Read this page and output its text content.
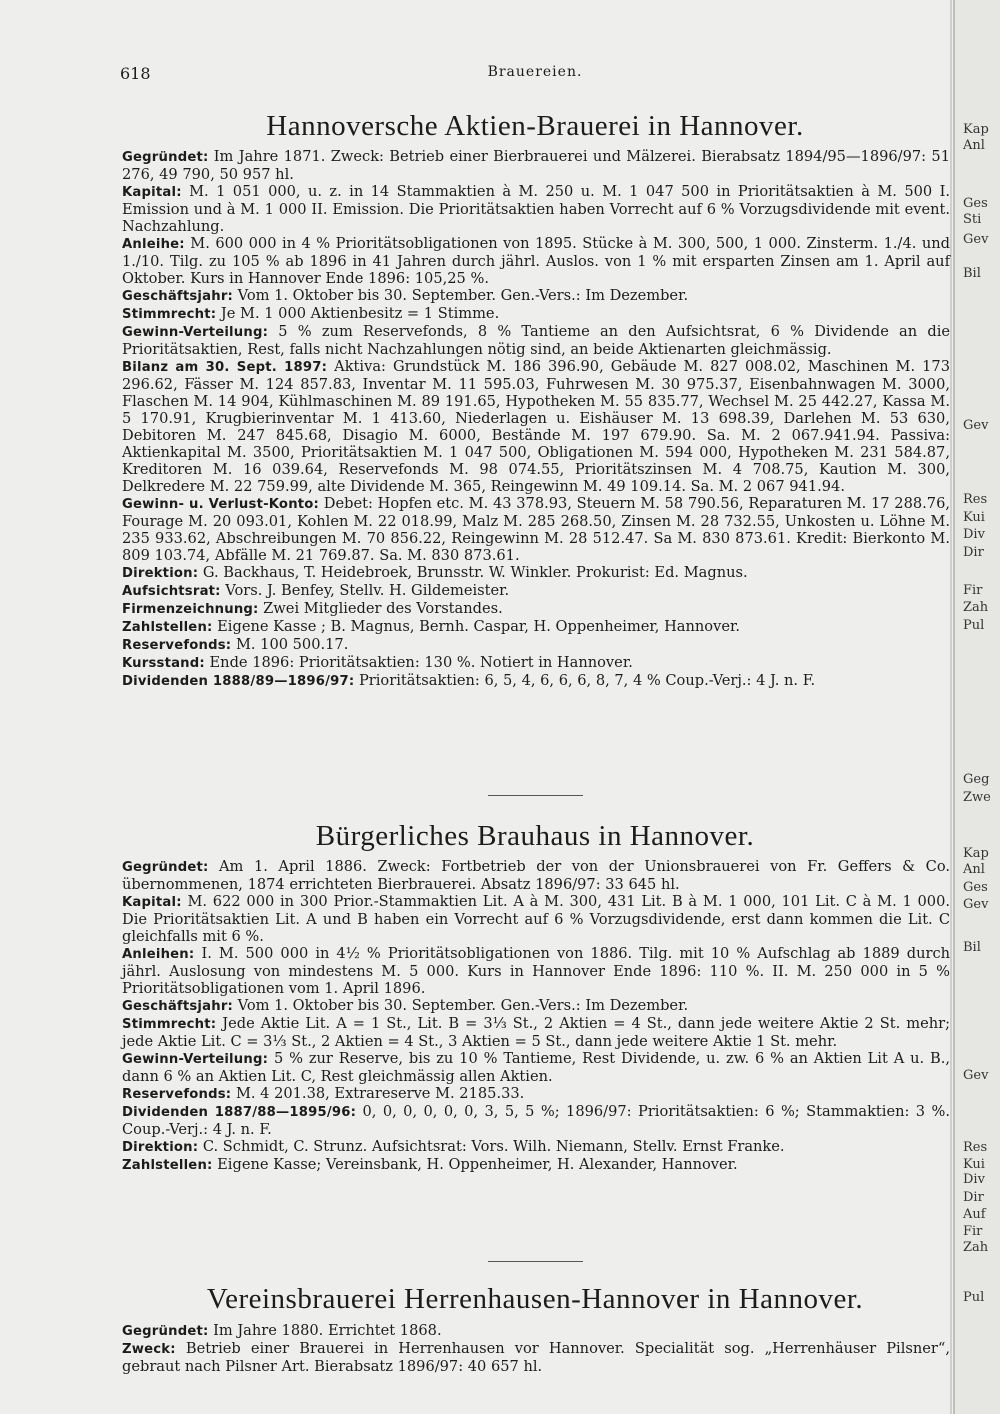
Kap
Anl
Ges
Sti
Gev
Bil
Gev
Res
Kui
Div
Dir
Fir
Zah
Pul
Geg
Zwe
Kap
Anl
Ges
Gev
Bil
Gev
Res
Kui
Div
Dir
Auf
Fir
Zah
Pul
618	Brauereien.
Hannoversche Aktien-Brauerei in Hannover.

Gegründet: Im Jahre 1871. Zweck: Betrieb einer Bierbrauerei und Mälzerei. Bierabsatz 1894/95—1896/97: 51 276, 49 790, 50 957 hl.

Kapital: M. 1 051 000, u. z. in 14 Stammaktien à M. 250 u. M. 1 047 500 in Prioritätsaktien à M. 500 I. Emission und à M. 1 000 II. Emission. Die Prioritätsaktien haben Vorrecht auf 6 % Vorzugsdividende mit event. Nachzahlung.

Anleihe: M. 600 000 in 4 % Prioritätsobligationen von 1895. Stücke à M. 300, 500, 1 000. Zinsterm. 1./4. und 1./10. Tilg. zu 105 % ab 1896 in 41 Jahren durch jährl. Auslos. von 1 % mit ersparten Zinsen am 1. April auf Oktober. Kurs in Hannover Ende 1896: 105,25 %.

Geschäftsjahr: Vom 1. Oktober bis 30. September. Gen.-Vers.: Im Dezember.

Stimmrecht: Je M. 1 000 Aktienbesitz = 1 Stimme.

Gewinn-Verteilung: 5 % zum Reservefonds, 8 % Tantieme an den Aufsichtsrat, 6 % Dividende an die Prioritätsaktien, Rest, falls nicht Nachzahlungen nötig sind, an beide Aktienarten gleichmässig.

Bilanz am 30. Sept. 1897: Aktiva: Grundstück M. 186 396.90, Gebäude M. 827 008.02, Maschinen M. 173 296.62, Fässer M. 124 857.83, Inventar M. 11 595.03, Fuhrwesen M. 30 975.37, Eisenbahnwagen M. 3000, Flaschen M. 14 904, Kühlmaschinen M. 89 191.65, Hypotheken M. 55 835.77, Wechsel M. 25 442.27, Kassa M. 5 170.91, Krugbierinventar M. 1 413.60, Niederlagen u. Eishäuser M. 13 698.39, Darlehen M. 53 630, Debitoren M. 247 845.68, Disagio M. 6000, Bestände M. 197 679.90. Sa. M. 2 067.941.94. Passiva: Aktienkapital M. 3500, Prioritätsaktien M. 1 047 500, Obligationen M. 594 000, Hypotheken M. 231 584.87, Kreditoren M. 16 039.64, Reservefonds M. 98 074.55, Prioritätszinsen M. 4 708.75, Kaution M. 300, Delkredere M. 22 759.99, alte Dividende M. 365, Reingewinn M. 49 109.14. Sa. M. 2 067 941.94.

Gewinn- u. Verlust-Konto: Debet: Hopfen etc. M. 43 378.93, Steuern M. 58 790.56, Reparaturen M. 17 288.76, Fourage M. 20 093.01, Kohlen M. 22 018.99, Malz M. 285 268.50, Zinsen M. 28 732.55, Unkosten u. Löhne M. 235 933.62, Abschreibungen M. 70 856.22, Reingewinn M. 28 512.47. Sa M. 830 873.61. Kredit: Bierkonto M. 809 103.74, Abfälle M. 21 769.87. Sa. M. 830 873.61.

Direktion: G. Backhaus, T. Heidebroek, Brunsstr. W. Winkler. Prokurist: Ed. Magnus.

Aufsichtsrat: Vors. J. Benfey, Stellv. H. Gildemeister.

Firmenzeichnung: Zwei Mitglieder des Vorstandes.

Zahlstellen: Eigene Kasse ; B. Magnus, Bernh. Caspar, H. Oppenheimer, Hannover.

Reservefonds: M. 100 500.17.

Kursstand: Ende 1896: Prioritätsaktien: 130 %. Notiert in Hannover.

Dividenden 1888/89—1896/97: Prioritätsaktien: 6, 5, 4, 6, 6, 6, 8, 7, 4 % Coup.-Verj.: 4 J. n. F.

Bürgerliches Brauhaus in Hannover.

Gegründet: Am 1. April 1886. Zweck: Fortbetrieb der von der Unionsbrauerei von Fr. Geffers & Co. übernommenen, 1874 errichteten Bierbrauerei. Absatz 1896/97: 33 645 hl.

Kapital: M. 622 000 in 300 Prior.-Stammaktien Lit. A à M. 300, 431 Lit. B à M. 1 000, 101 Lit. C à M. 1 000. Die Prioritätsaktien Lit. A und B haben ein Vorrecht auf 6 % Vorzugsdividende, erst dann kommen die Lit. C gleichfalls mit 6 %.

Anleihen: I. M. 500 000 in 4½ % Prioritätsobligationen von 1886. Tilg. mit 10 % Aufschlag ab 1889 durch jährl. Auslosung von mindestens M. 5 000. Kurs in Hannover Ende 1896: 110 %. II. M. 250 000 in 5 % Prioritätsobligationen vom 1. April 1896.

Geschäftsjahr: Vom 1. Oktober bis 30. September. Gen.-Vers.: Im Dezember.

Stimmrecht: Jede Aktie Lit. A = 1 St., Lit. B = 3⅓ St., 2 Aktien = 4 St., dann jede weitere Aktie 2 St. mehr; jede Aktie Lit. C = 3⅓ St., 2 Aktien = 4 St., 3 Aktien = 5 St., dann jede weitere Aktie 1 St. mehr.

Gewinn-Verteilung: 5 % zur Reserve, bis zu 10 % Tantieme, Rest Dividende, u. zw. 6 % an Aktien Lit A u. B., dann 6 % an Aktien Lit. C, Rest gleichmässig allen Aktien.

Reservefonds: M. 4 201.38, Extrareserve M. 2185.33.

Dividenden 1887/88—1895/96: 0, 0, 0, 0, 0, 0, 3, 5, 5 %; 1896/97: Prioritätsaktien: 6 %; Stammaktien: 3 %. Coup.-Verj.: 4 J. n. F.

Direktion: C. Schmidt, C. Strunz. Aufsichtsrat: Vors. Wilh. Niemann, Stellv. Ernst Franke.

Zahlstellen: Eigene Kasse; Vereinsbank, H. Oppenheimer, H. Alexander, Hannover.

Vereinsbrauerei Herrenhausen-Hannover in Hannover.

Gegründet: Im Jahre 1880. Errichtet 1868.

Zweck: Betrieb einer Brauerei in Herrenhausen vor Hannover. Specialität sog. „Herrenhäuser Pilsner“, gebraut nach Pilsner Art. Bierabsatz 1896/97: 40 657 hl.
